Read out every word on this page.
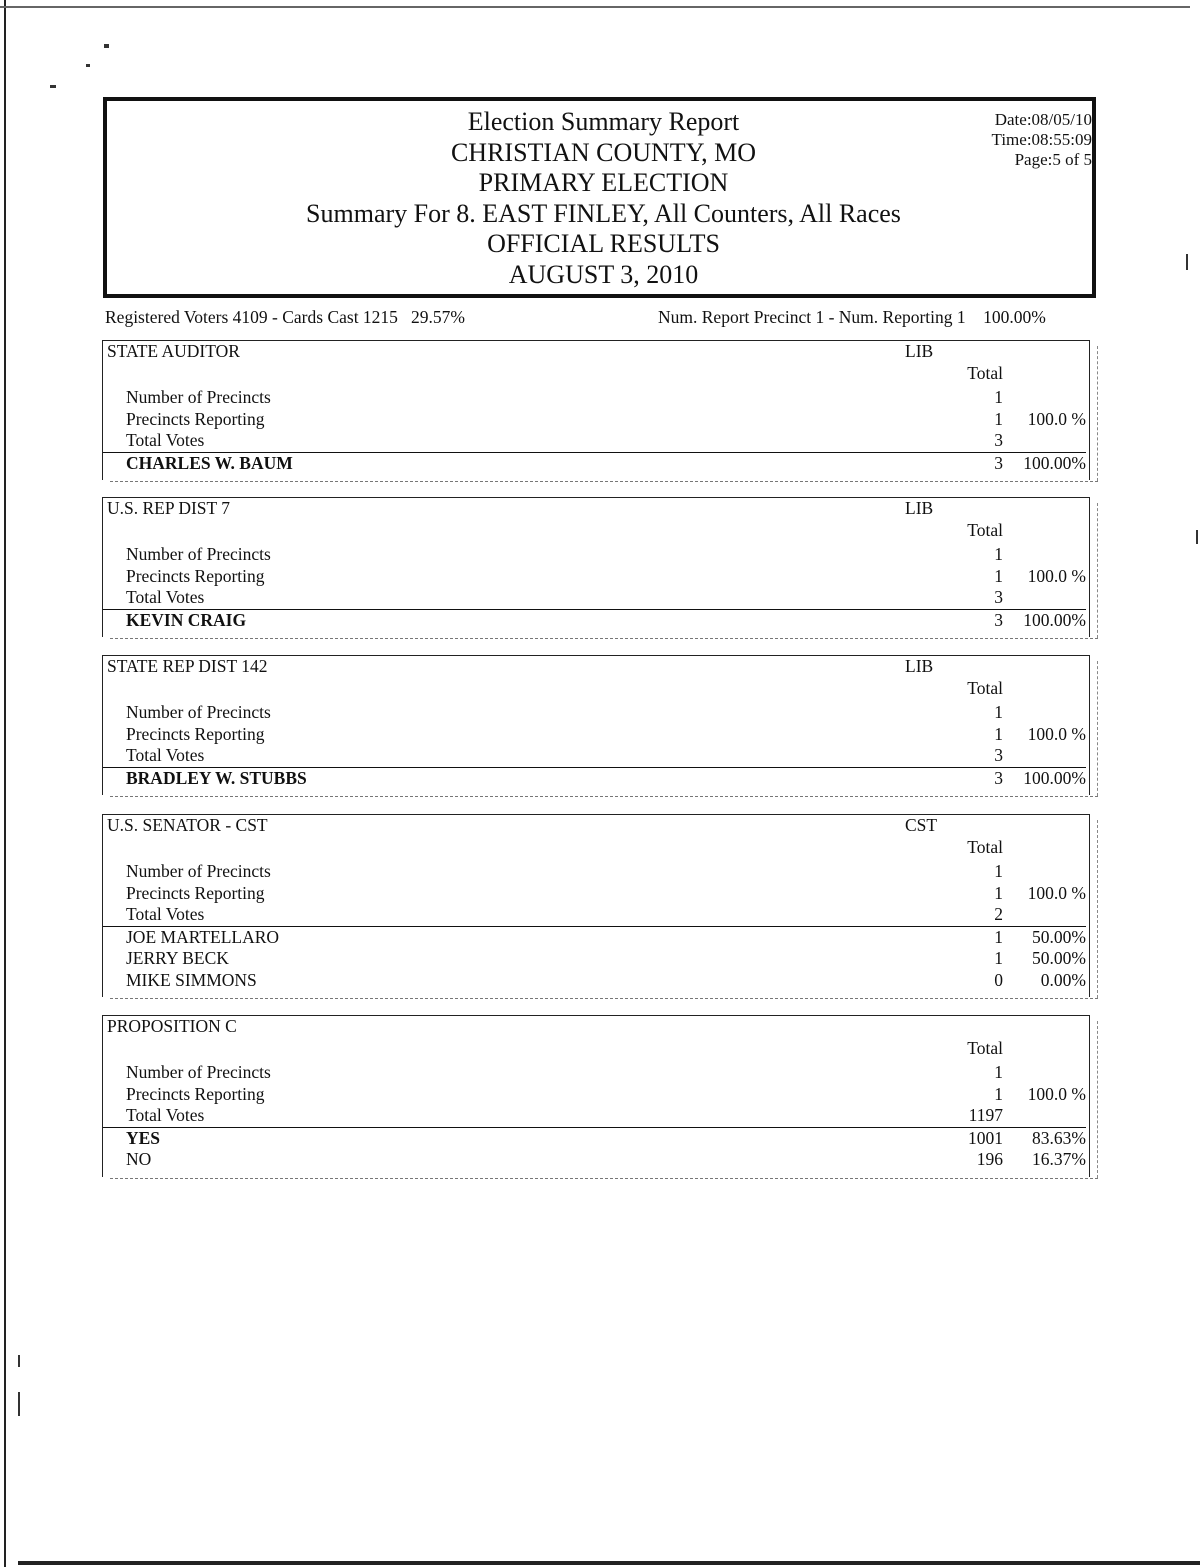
Election Summary Report
CHRISTIAN COUNTY, MO
PRIMARY ELECTION
Summary For 8. EAST FINLEY, All Counters, All Races
OFFICIAL RESULTS
AUGUST 3, 2010
Date:08/05/10
Time:08:55:09
Page:5 of 5
Registered Voters 4109 - Cards Cast 1215   29.57%	Num. Report Precinct 1 - Num. Reporting 1    100.00%
STATE AUDITOR	LIB
Total
Number of Precincts	1
Precincts Reporting	1	100.0 %
Total Votes	3
CHARLES W. BAUM	3	100.00%
U.S. REP DIST 7	LIB
Total
Number of Precincts	1
Precincts Reporting	1	100.0 %
Total Votes	3
KEVIN CRAIG	3	100.00%
STATE REP DIST 142	LIB
Total
Number of Precincts	1
Precincts Reporting	1	100.0 %
Total Votes	3
BRADLEY W. STUBBS	3	100.00%
U.S. SENATOR - CST	CST
Total
Number of Precincts	1
Precincts Reporting	1	100.0 %
Total Votes	2
JOE MARTELLARO	1	50.00%
JERRY BECK	1	50.00%
MIKE SIMMONS	0	0.00%
PROPOSITION C
Total
Number of Precincts	1
Precincts Reporting	1	100.0 %
Total Votes	1197
YES	1001	83.63%
NO	196	16.37%
